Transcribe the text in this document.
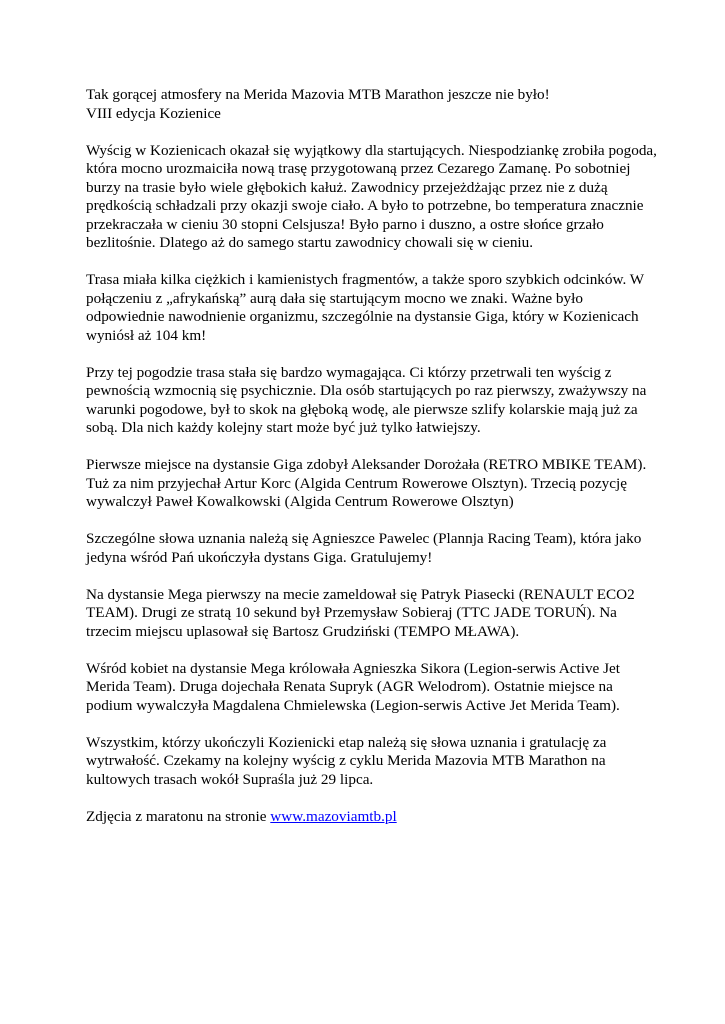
Tak gorącej atmosfery na Merida Mazovia MTB Marathon jeszcze nie było!
VIII edycja Kozienice
Wyścig w Kozienicach okazał się wyjątkowy dla startujących. Niespodziankę zrobiła pogoda,
która mocno urozmaiciła nową trasę przygotowaną przez Cezarego Zamanę. Po sobotniej
burzy na trasie było wiele głębokich kałuż. Zawodnicy przejeżdżając przez nie z dużą
prędkością schładzali przy okazji swoje ciało. A było to potrzebne, bo temperatura znacznie
przekraczała w cieniu 30 stopni Celsjusza! Było parno i duszno, a ostre słońce grzało
bezlitośnie. Dlatego aż do samego startu zawodnicy chowali się w cieniu.
Trasa miała kilka ciężkich i kamienistych fragmentów, a także sporo szybkich odcinków. W
połączeniu z „afrykańską” aurą dała się startującym mocno we znaki. Ważne było
odpowiednie nawodnienie organizmu, szczególnie na dystansie Giga, który w Kozienicach
wyniósł aż 104 km!
Przy tej pogodzie trasa stała się bardzo wymagająca. Ci którzy przetrwali ten wyścig z
pewnością wzmocnią się psychicznie. Dla osób startujących po raz pierwszy, zważywszy na
warunki pogodowe, był to skok na głęboką wodę, ale pierwsze szlify kolarskie mają już za
sobą. Dla nich każdy kolejny start może być już tylko łatwiejszy.
Pierwsze miejsce na dystansie Giga zdobył Aleksander Dorożała (RETRO MBIKE TEAM).
Tuż za nim przyjechał Artur Korc (Algida Centrum Rowerowe Olsztyn). Trzecią pozycję
wywalczył Paweł Kowalkowski (Algida Centrum Rowerowe Olsztyn)
Szczególne słowa uznania należą się Agnieszce Pawelec (Plannja Racing Team), która jako
jedyna wśród Pań ukończyła dystans Giga. Gratulujemy!
Na dystansie Mega pierwszy na mecie zameldował się Patryk Piasecki (RENAULT ECO2
TEAM). Drugi ze stratą 10 sekund był Przemysław Sobieraj (TTC JADE TORUŃ). Na
trzecim miejscu uplasował się Bartosz Grudziński (TEMPO MŁAWA).
Wśród kobiet na dystansie Mega królowała Agnieszka Sikora (Legion-serwis Active Jet
Merida Team). Druga dojechała Renata Supryk (AGR Welodrom). Ostatnie miejsce na
podium wywalczyła Magdalena Chmielewska (Legion-serwis Active Jet Merida Team).
Wszystkim, którzy ukończyli Kozienicki etap należą się słowa uznania i gratulację za
wytrwałość. Czekamy na kolejny wyścig z cyklu Merida Mazovia MTB Marathon na
kultowych trasach wokół Supraśla już 29 lipca.
Zdjęcia z maratonu na stronie www.mazoviamtb.pl
